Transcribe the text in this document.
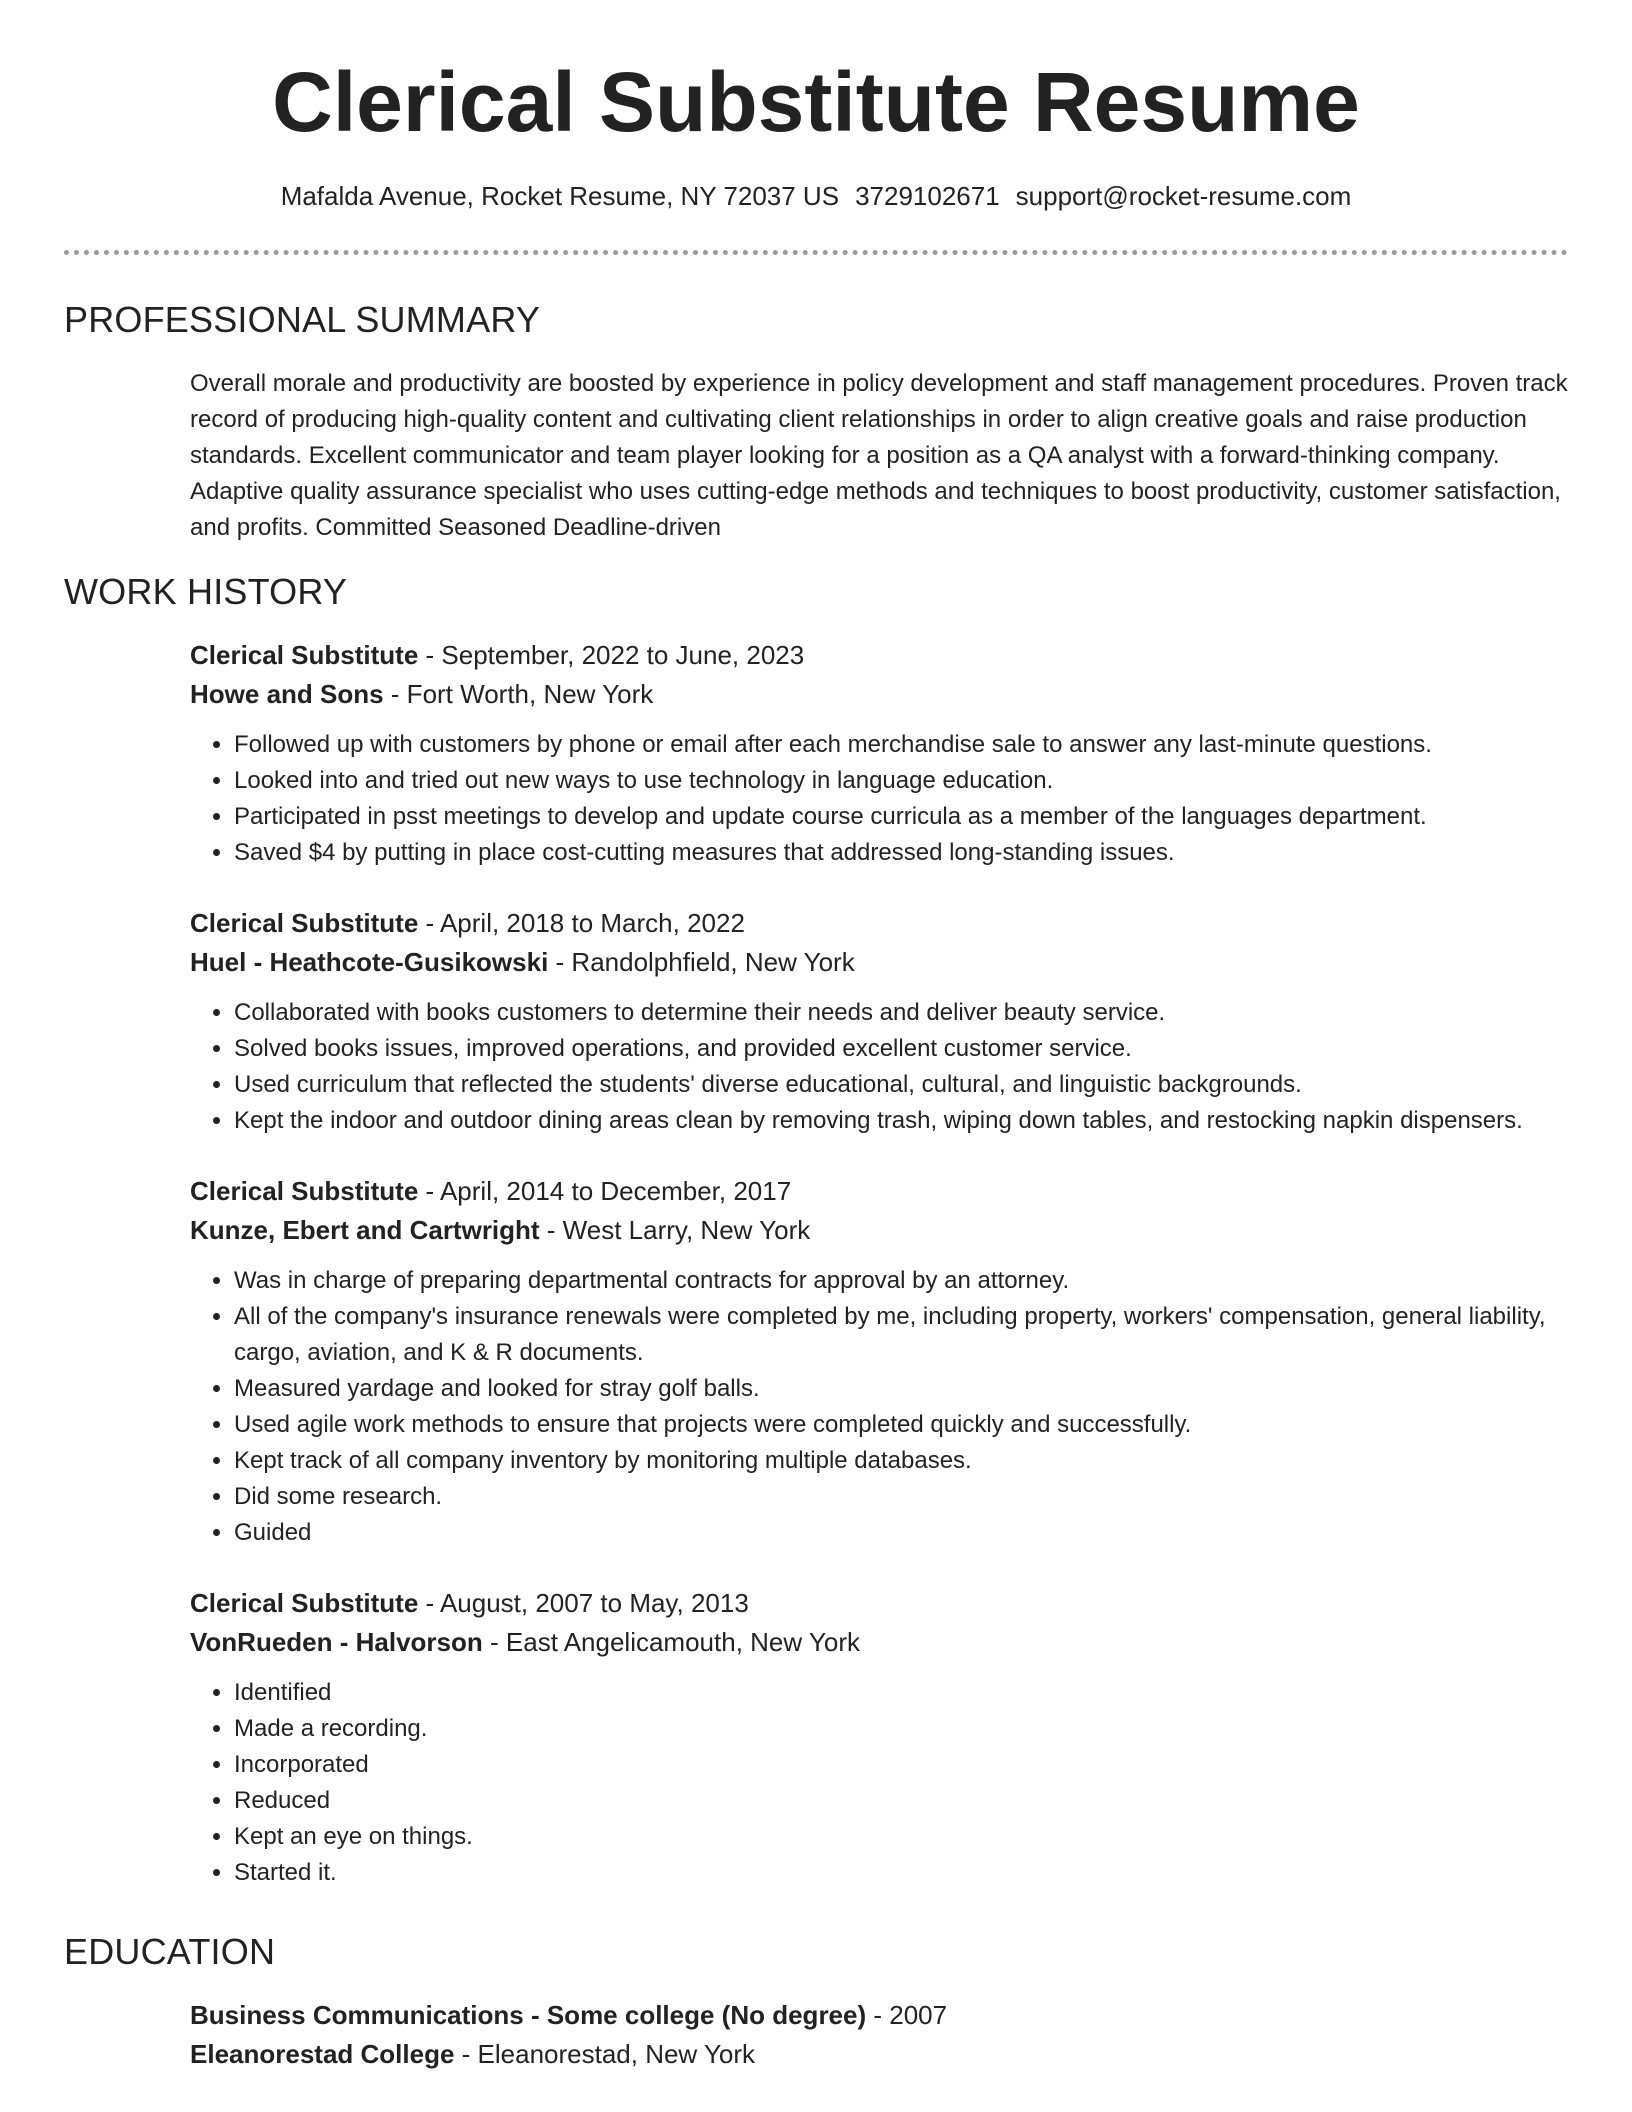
Clerical Substitute Resume
Mafalda Avenue, Rocket Resume, NY 72037 US 3729102671 support@rocket-resume.com
PROFESSIONAL SUMMARY
Overall morale and productivity are boosted by experience in policy development and staff management procedures. Proven track record of producing high-quality content and cultivating client relationships in order to align creative goals and raise production standards. Excellent communicator and team player looking for a position as a QA analyst with a forward-thinking company. Adaptive quality assurance specialist who uses cutting-edge methods and techniques to boost productivity, customer satisfaction, and profits. Committed Seasoned Deadline-driven
WORK HISTORY
Clerical Substitute - September, 2022 to June, 2023
Howe and Sons - Fort Worth, New York
• Followed up with customers by phone or email after each merchandise sale to answer any last-minute questions.
• Looked into and tried out new ways to use technology in language education.
• Participated in psst meetings to develop and update course curricula as a member of the languages department.
• Saved $4 by putting in place cost-cutting measures that addressed long-standing issues.
Clerical Substitute - April, 2018 to March, 2022
Huel - Heathcote-Gusikowski - Randolphfield, New York
• Collaborated with books customers to determine their needs and deliver beauty service.
• Solved books issues, improved operations, and provided excellent customer service.
• Used curriculum that reflected the students' diverse educational, cultural, and linguistic backgrounds.
• Kept the indoor and outdoor dining areas clean by removing trash, wiping down tables, and restocking napkin dispensers.
Clerical Substitute - April, 2014 to December, 2017
Kunze, Ebert and Cartwright - West Larry, New York
• Was in charge of preparing departmental contracts for approval by an attorney.
• All of the company's insurance renewals were completed by me, including property, workers' compensation, general liability, cargo, aviation, and K & R documents.
• Measured yardage and looked for stray golf balls.
• Used agile work methods to ensure that projects were completed quickly and successfully.
• Kept track of all company inventory by monitoring multiple databases.
• Did some research.
• Guided
Clerical Substitute - August, 2007 to May, 2013
VonRueden - Halvorson - East Angelicamouth, New York
• Identified
• Made a recording.
• Incorporated
• Reduced
• Kept an eye on things.
• Started it.
EDUCATION
Business Communications - Some college (No degree) - 2007
Eleanorestad College - Eleanorestad, New York
